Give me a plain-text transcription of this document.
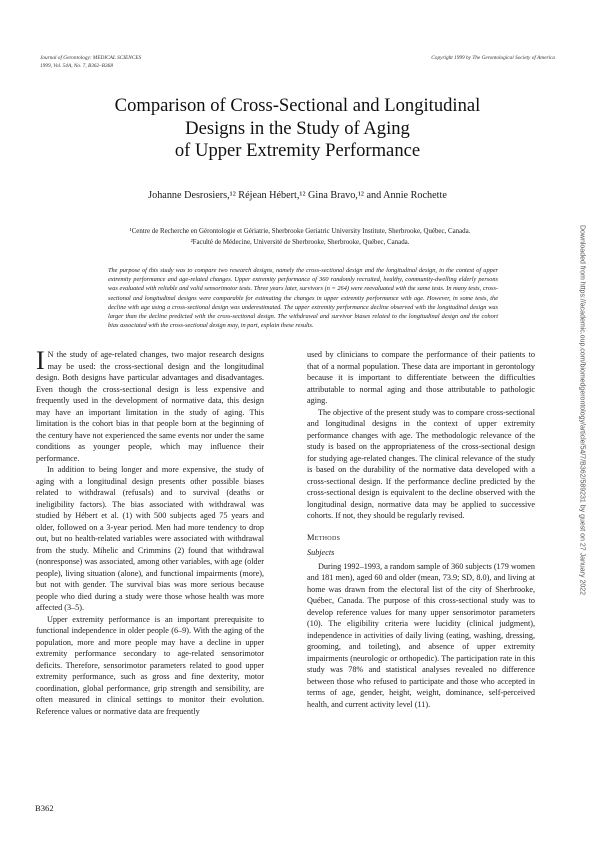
Journal of Gerontology: MEDICAL SCIENCES
1999, Vol. 54A, No. 7, B362–B368
Copyright 1999 by The Gerontological Society of America
Comparison of Cross-Sectional and Longitudinal
Designs in the Study of Aging
of Upper Extremity Performance
Johanne Desrosiers,¹² Réjean Hébert,¹² Gina Bravo,¹² and Annie Rochette
¹Centre de Recherche en Gérontologie et Gériatrie, Sherbrooke Geriatric University Institute, Sherbrooke, Québec, Canada.
²Faculté de Médecine, Université de Sherbrooke, Sherbrooke, Québec, Canada.
The purpose of this study was to compare two research designs, namely the cross-sectional design and the longitudinal design, in the context of upper extremity performance and age-related changes. Upper extremity performance of 360 randomly recruited, healthy, community-dwelling elderly persons was evaluated with reliable and valid sensorimotor tests. Three years later, survivors (n = 264) were reevaluated with the same tests. In many tests, cross-sectional and longitudinal designs were comparable for estimating the changes in upper extremity performance with age. However, in some tests, the decline with age using a cross-sectional design was underestimated. The upper extremity performance decline observed with the longitudinal design was larger than the decline predicted with the cross-sectional design. The withdrawal and survivor biases related to the longitudinal design and the cohort bias associated with the cross-sectional design may, in part, explain these results.

I N the study of age-related changes, two major research designs may be used: the cross-sectional design and the longitudinal design. Both designs have particular advantages and disadvantages. Even though the cross-sectional design is less expensive and frequently used in the development of normative data, this design may have an important limitation in the study of aging. This limitation is the cohort bias in that people born at the beginning of the century have not experienced the same events nor under the same conditions as younger people, which may influence their performance.

In addition to being longer and more expensive, the study of aging with a longitudinal design presents other possible biases related to withdrawal (refusals) and to survival (deaths or ineligibility factors). The bias associated with withdrawal was studied by Hébert et al. (1) with 500 subjects aged 75 years and older, followed on a 3-year period. Men had more tendency to drop out, but no health-related variables were associated with withdrawal from the study. Mihelic and Crimmins (2) found that withdrawal (nonresponse) was associated, among other variables, with age (older people), living situation (alone), and functional impairments (more), but not with gender. The survival bias was more serious because people who died during a study were those whose health was more affected (3–5).

Upper extremity performance is an important prerequisite to functional independence in older people (6–9). With the aging of the population, more and more people may have a decline in upper extremity performance secondary to age-related sensorimotor deficits. Therefore, sensorimotor parameters related to good upper extremity performance, such as gross and fine dexterity, motor coordination, global performance, grip strength and sensibility, are often measured in clinical settings to monitor their evolution. Reference values or normative data are frequently

used by clinicians to compare the performance of their patients to that of a normal population. These data are important in gerontology because it is important to differentiate between the difficulties attributable to normal aging and those attributable to pathologic aging.

The objective of the present study was to compare cross-sectional and longitudinal designs in the context of upper extremity performance changes with age. The methodologic relevance of the study is based on the appropriateness of the cross-sectional design for studying age-related changes. The clinical relevance of the study is based on the durability of the normative data developed with a cross-sectional design. If the performance decline predicted by the cross-sectional design is equivalent to the decline observed with the longitudinal design, normative data may be applied to successive cohorts. If not, they should be regularly revised.

Methods
Subjects

During 1992–1993, a random sample of 360 subjects (179 women and 181 men), aged 60 and older (mean, 73.9; SD, 8.0), and living at home was drawn from the electoral list of the city of Sherbrooke, Québec, Canada. The purpose of this cross-sectional study was to develop reference values for many upper sensorimotor parameters (10). The eligibility criteria were lucidity (clinical judgment), independence in activities of daily living (eating, washing, dressing, grooming, and toileting), and absence of upper extremity impairments (neurologic or orthopedic). The participation rate in this study was 78% and statistical analyses revealed no difference between those who refused to participate and those who accepted in terms of age, gender, height, weight, dominance, self-perceived health, and current activity level (11).

B362
Downloaded from https://academic.oup.com/biomedgerontology/article/54/7/B362/589231 by guest on 27 January 2022
